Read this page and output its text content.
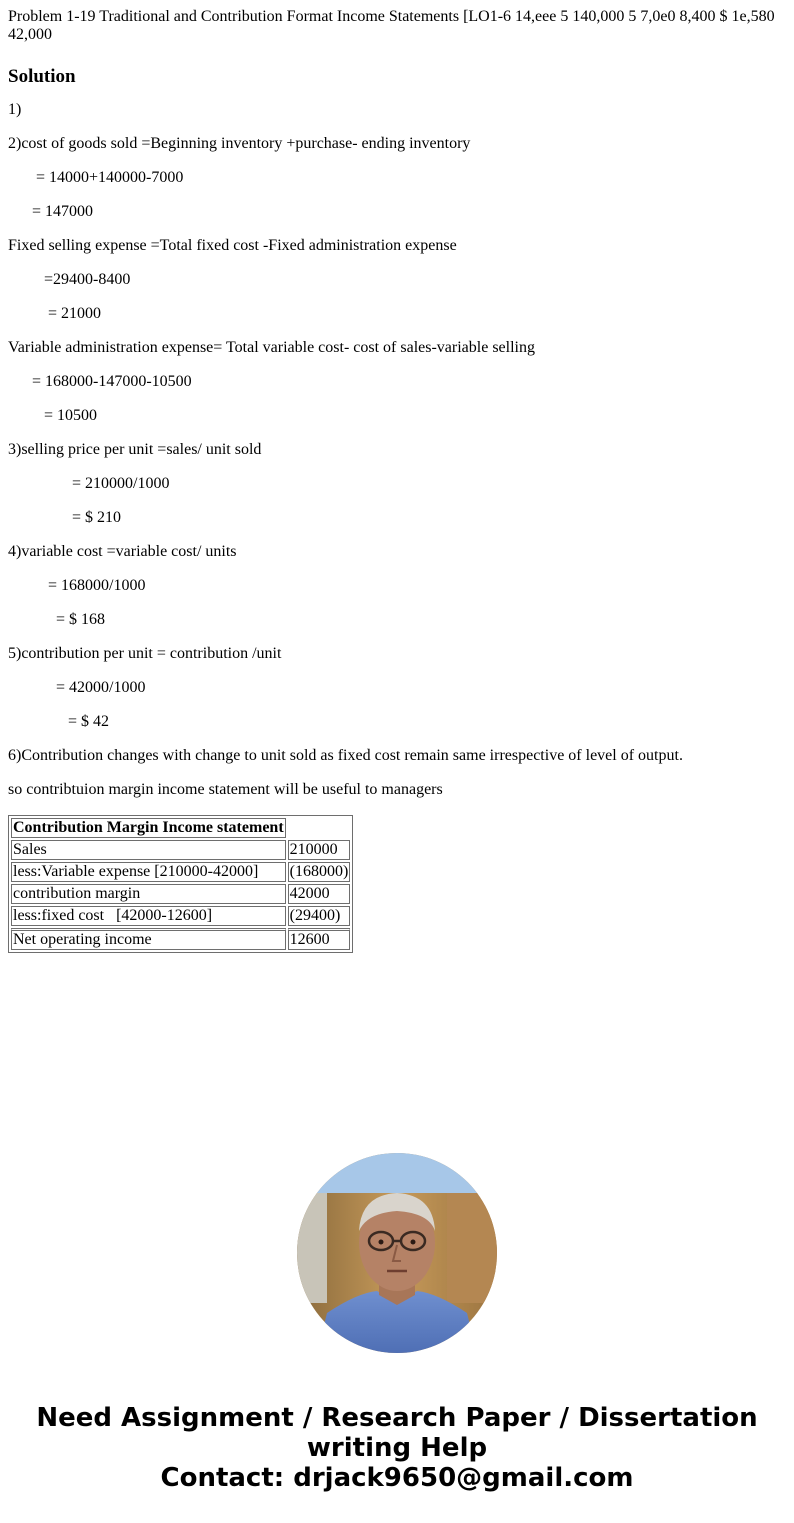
Problem 1-19 Traditional and Contribution Format Income Statements [LO1-6 14,eee 5 140,000 5 7,0e0 8,400 $ 1e,580 42,000

Solution

1)

2)cost of goods sold =Beginning inventory +purchase- ending inventory

= 14000+140000-7000

= 147000

Fixed selling expense =Total fixed cost -Fixed administration expense

=29400-8400

= 21000

Variable administration expense= Total variable cost- cost of sales-variable selling

= 168000-147000-10500

= 10500

3)selling price per unit =sales/ unit sold

= 210000/1000

= $ 210

4)variable cost =variable cost/ units

= 168000/1000

= $ 168

5)contribution per unit = contribution /unit

= 42000/1000

= $ 42

6)Contribution changes with change to unit sold as fixed cost remain same irrespective of level of output.

so contribtuion margin income statement will be useful to managers

Contribution Margin Income statement	
Sales	210000
less:Variable expense [210000-42000]	(168000)
contribution margin	42000
less:fixed cost   [42000-12600]	(29400)
Net operating income	12600
Need Assignment / Research Paper / Dissertation
writing Help
Contact: drjack9650@gmail.com
